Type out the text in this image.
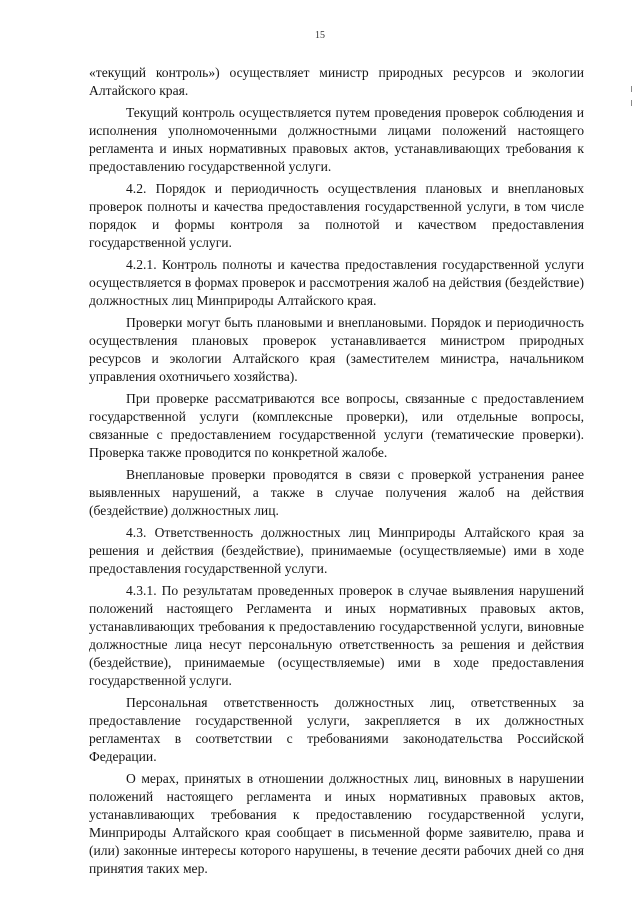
15

«текущий контроль») осуществляет министр природных ресурсов и экологии Алтайского края.

Текущий контроль осуществляется путем проведения проверок соблюдения и исполнения уполномоченными должностными лицами положений настоящего регламента и иных нормативных правовых актов, устанавливающих требования к предоставлению государственной услуги.

4.2. Порядок и периодичность осуществления плановых и внеплановых проверок полноты и качества предоставления государственной услуги, в том числе порядок и формы контроля за полнотой и качеством предоставления государственной услуги.

4.2.1. Контроль полноты и качества предоставления государственной услуги осуществляется в формах проверок и рассмотрения жалоб на действия (бездействие) должностных лиц Минприроды Алтайского края.

Проверки могут быть плановыми и внеплановыми. Порядок и периодичность осуществления плановых проверок устанавливается министром природных ресурсов и экологии Алтайского края (заместителем министра, начальником управления охотничьего хозяйства).

При проверке рассматриваются все вопросы, связанные с предоставлением государственной услуги (комплексные проверки), или отдельные вопросы, связанные с предоставлением государственной услуги (тематические проверки). Проверка также проводится по конкретной жалобе.

Внеплановые проверки проводятся в связи с проверкой устранения ранее выявленных нарушений, а также в случае получения жалоб на действия (бездействие) должностных лиц.

4.3. Ответственность должностных лиц Минприроды Алтайского края за решения и действия (бездействие), принимаемые (осуществляемые) ими в ходе предоставления государственной услуги.

4.3.1. По результатам проведенных проверок в случае выявления нарушений положений настоящего Регламента и иных нормативных правовых актов, устанавливающих требования к предоставлению государственной услуги, виновные должностные лица несут персональную ответственность за решения и действия (бездействие), принимаемые (осуществляемые) ими в ходе предоставления государственной услуги.

Персональная ответственность должностных лиц, ответственных за предоставление государственной услуги, закрепляется в их должностных регламентах в соответствии с требованиями законодательства Российской Федерации.

О мерах, принятых в отношении должностных лиц, виновных в нарушении положений настоящего регламента и иных нормативных правовых актов, устанавливающих требования к предоставлению государственной услуги, Минприроды Алтайского края сообщает в письменной форме заявителю, права и (или) законные интересы которого нарушены, в течение десяти рабочих дней со дня принятия таких мер.
